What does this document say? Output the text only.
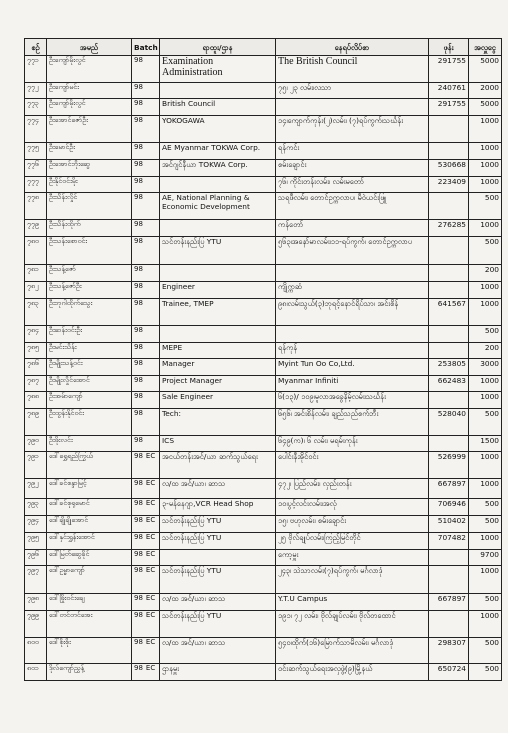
စဉ်	အမည်	Batch	ရာထူး/ဌာန	နေရပ်လိပ်စာ	ဖုန်း	အလှူငွေ
၇၇၁	ဦးကျော်မိုးလွင်	98	Examination Administration	The British Council	291755	5000
၇၇၂	ဦးကျော်မင်း	98		၇၅၊ ၂၃ လမ်း၊လသာ	240761	2000
၇၇၃	ဦးကျော်မိုးလွင်	98	British Council		291755	5000
၇၇၄	ဦးအောင်ဇော်ဦး	98	YOKOGAWA	၁၄၊ကျောက်ကုန်း(၂)လမ်း၊ (၇)ရပ်ကွက်၊သင်္ဃန်း		1000
၇၇၅	ဦးမောင်ဦး	98	AE Myanmar TOKWA Corp.	ရန်ကင်း		1000
၇၇၆	ဦးအောင်ဘိုးဆွေ	98	အင်ဂျင်နီယာ TOKWA Corp.	စမ်းချောင်း	530668	1000
၇၇၇	ဦးနိုင်ဝင်းမိုး	98		၇၆၊ ကိုင်းတန်းလမ်း၊ လမ်းမတော်	223409	1000
၇၇၈	ဦးသိန်းလှိုင်	98	AE, National Planning & Economic Development	သရဖီလမ်း၊ တောင်ဥက္ကလာပ၊ မီဝဲယင်းဖြူ		500
၇၇၉	ဦးသိန်းထိုက်	98		ကန်တော်	276285	1000
၇၈၀	ဦးသန်းစောဝင်း	98	သင်တန်းနည်းပြ YTU	၅၆၃၊အနော်မာလမ်း၊၁၁-ရပ်ကွက်၊ တောင်ဥက္ကလာပ		500
၇၈၁	ဦးသန့်ဇော်	98				200
၇၈၂	ဦးသန့်ဇော်ဦး	98	Engineer	ကျိုက္ကဆံ		1000
၇၈၃	ဦးဘုဂါထိုက်သွေး	98	Trainee, TMEP	၉၈၊လမ်းသွယ်(၃)ဘုရင့်နောင်ရိပ်သာ၊ အင်းစိန်	641567	1000
၇၈၄	ဦးဆန်းဝင်းဦး	98				500
၇၈၅	ဦးမင်းသိန်း	98	MEPE	ရန်ကုန်		200
၇၈၆	ဦးမျိုးသန့်ဝင်း	98	Manager	Myint Tun Oo Co,Ltd.	253805	3000
၇၈၇	ဦးမျိုးလှိုင်အောင်	98	Project Manager	Myanmar Infiniti	662483	1000
၇၈၈	ဦးအမ်ာကျော်	98	Sale Engineer	၆(၁၃)/ ၁၀၉၊မူလာအခွေနိမ့်လမ်း၊သင်္ဃန်း		1000
၇၈၉	ဦးထွန်းနိုင်ဝင်း	98	Tech:	၆၅၆၊ အင်းစိန်လမ်း၊ ချည်သည်စက်ဘီး	528040	500
၇၉၀	ဦးဖိုးလင်း	98	ICS	၆၄၉(က)၊ ၆ လမ်း၊ မရမ်းကုန်း		1500
၇၉၁	ဒေါ်ရွှေရည်ကြွယ်	98 EC	အငယ်တန်းအင်/ယာ ဆက်သွယ်ရေး	ပေါင်းနီအိုင်ဝင်း	526999	1000
၇၉၂	ဒေါ်ခင်စန္ဒာမြင့်	98 EC	လ/ထ အင်/ယာ၊ ဆာသ	၄၇၂၊ ပြည်လမ်း၊ လှည်းတန်း	667897	1000
၇၉၃	ဒေါ်ခင်စုရုမောင်	98 EC	၃-မန်နေဂျာ,VCR Head Shop	၁၀၊ပွင့်လင်းလမ်း၊အလုံ	706946	500
၇၉၄	ဒေါ်ချိုချိုအောင်	98 EC	သင်တန်းနည်းပြ YTU	၁၅၊ ဗဟုလမ်း၊ စမ်းချောင်း	510402	500
၇၉၅	ဒေါ်နှင်းရွှန်းအောင်	98 EC	သင်တန်းနည်းပြ YTU	၂၅ ဗိုလ်ချုပ်လမ်း၊ကြည့်မြင်တိုင်	707482	1000
၇၉၆	ဒေါ်မြတ်ဆွေခိုင်	98 EC		ကော့မှူး		9700
၇၉၇	ဒေါ်ဥမ္မာကျော်	98 EC	သင်တန်းနည်းပြ YTU	၂၄၃၊ သဲသာလမ်း(၇)ရပ်ကွက်၊ မင်္ဂလာဒုံ		1000
၇၉၈	ဒေါ်ဖြိုးဝင်းချေ	98 EC	လ/ထ အင်/ယာ၊ ဆာသ	Y.T.U Campus	667897	500
၇၉၉	ဒေါ်တင်တင်အေး	98 EC	သင်တန်းနည်းပြ YTU	၁၉၁၊ ၇၂ လမ်း၊ ဗိုလ်ချုပ်လမ်း၊ ဗိုလ်တထောင်		1000
၈၀၀	ဒေါ်စိုးစိုး	98 EC	လ/ထ အင်/ယာ၊ ဆာသ	၅၄၀၊ထိုက်(၁၆)မြောက်သာမိလမ်း၊ မင်္ဂလာဒုံ	298307	500
၈၀၁	ဒိုလ်ကျော်ညွှန့်	98 EC	ဌာနမှူး	ဝင်းဆက်သွယ်ရေးအလှဖွဲ့(၉)မြို့နယ်	650724	500
